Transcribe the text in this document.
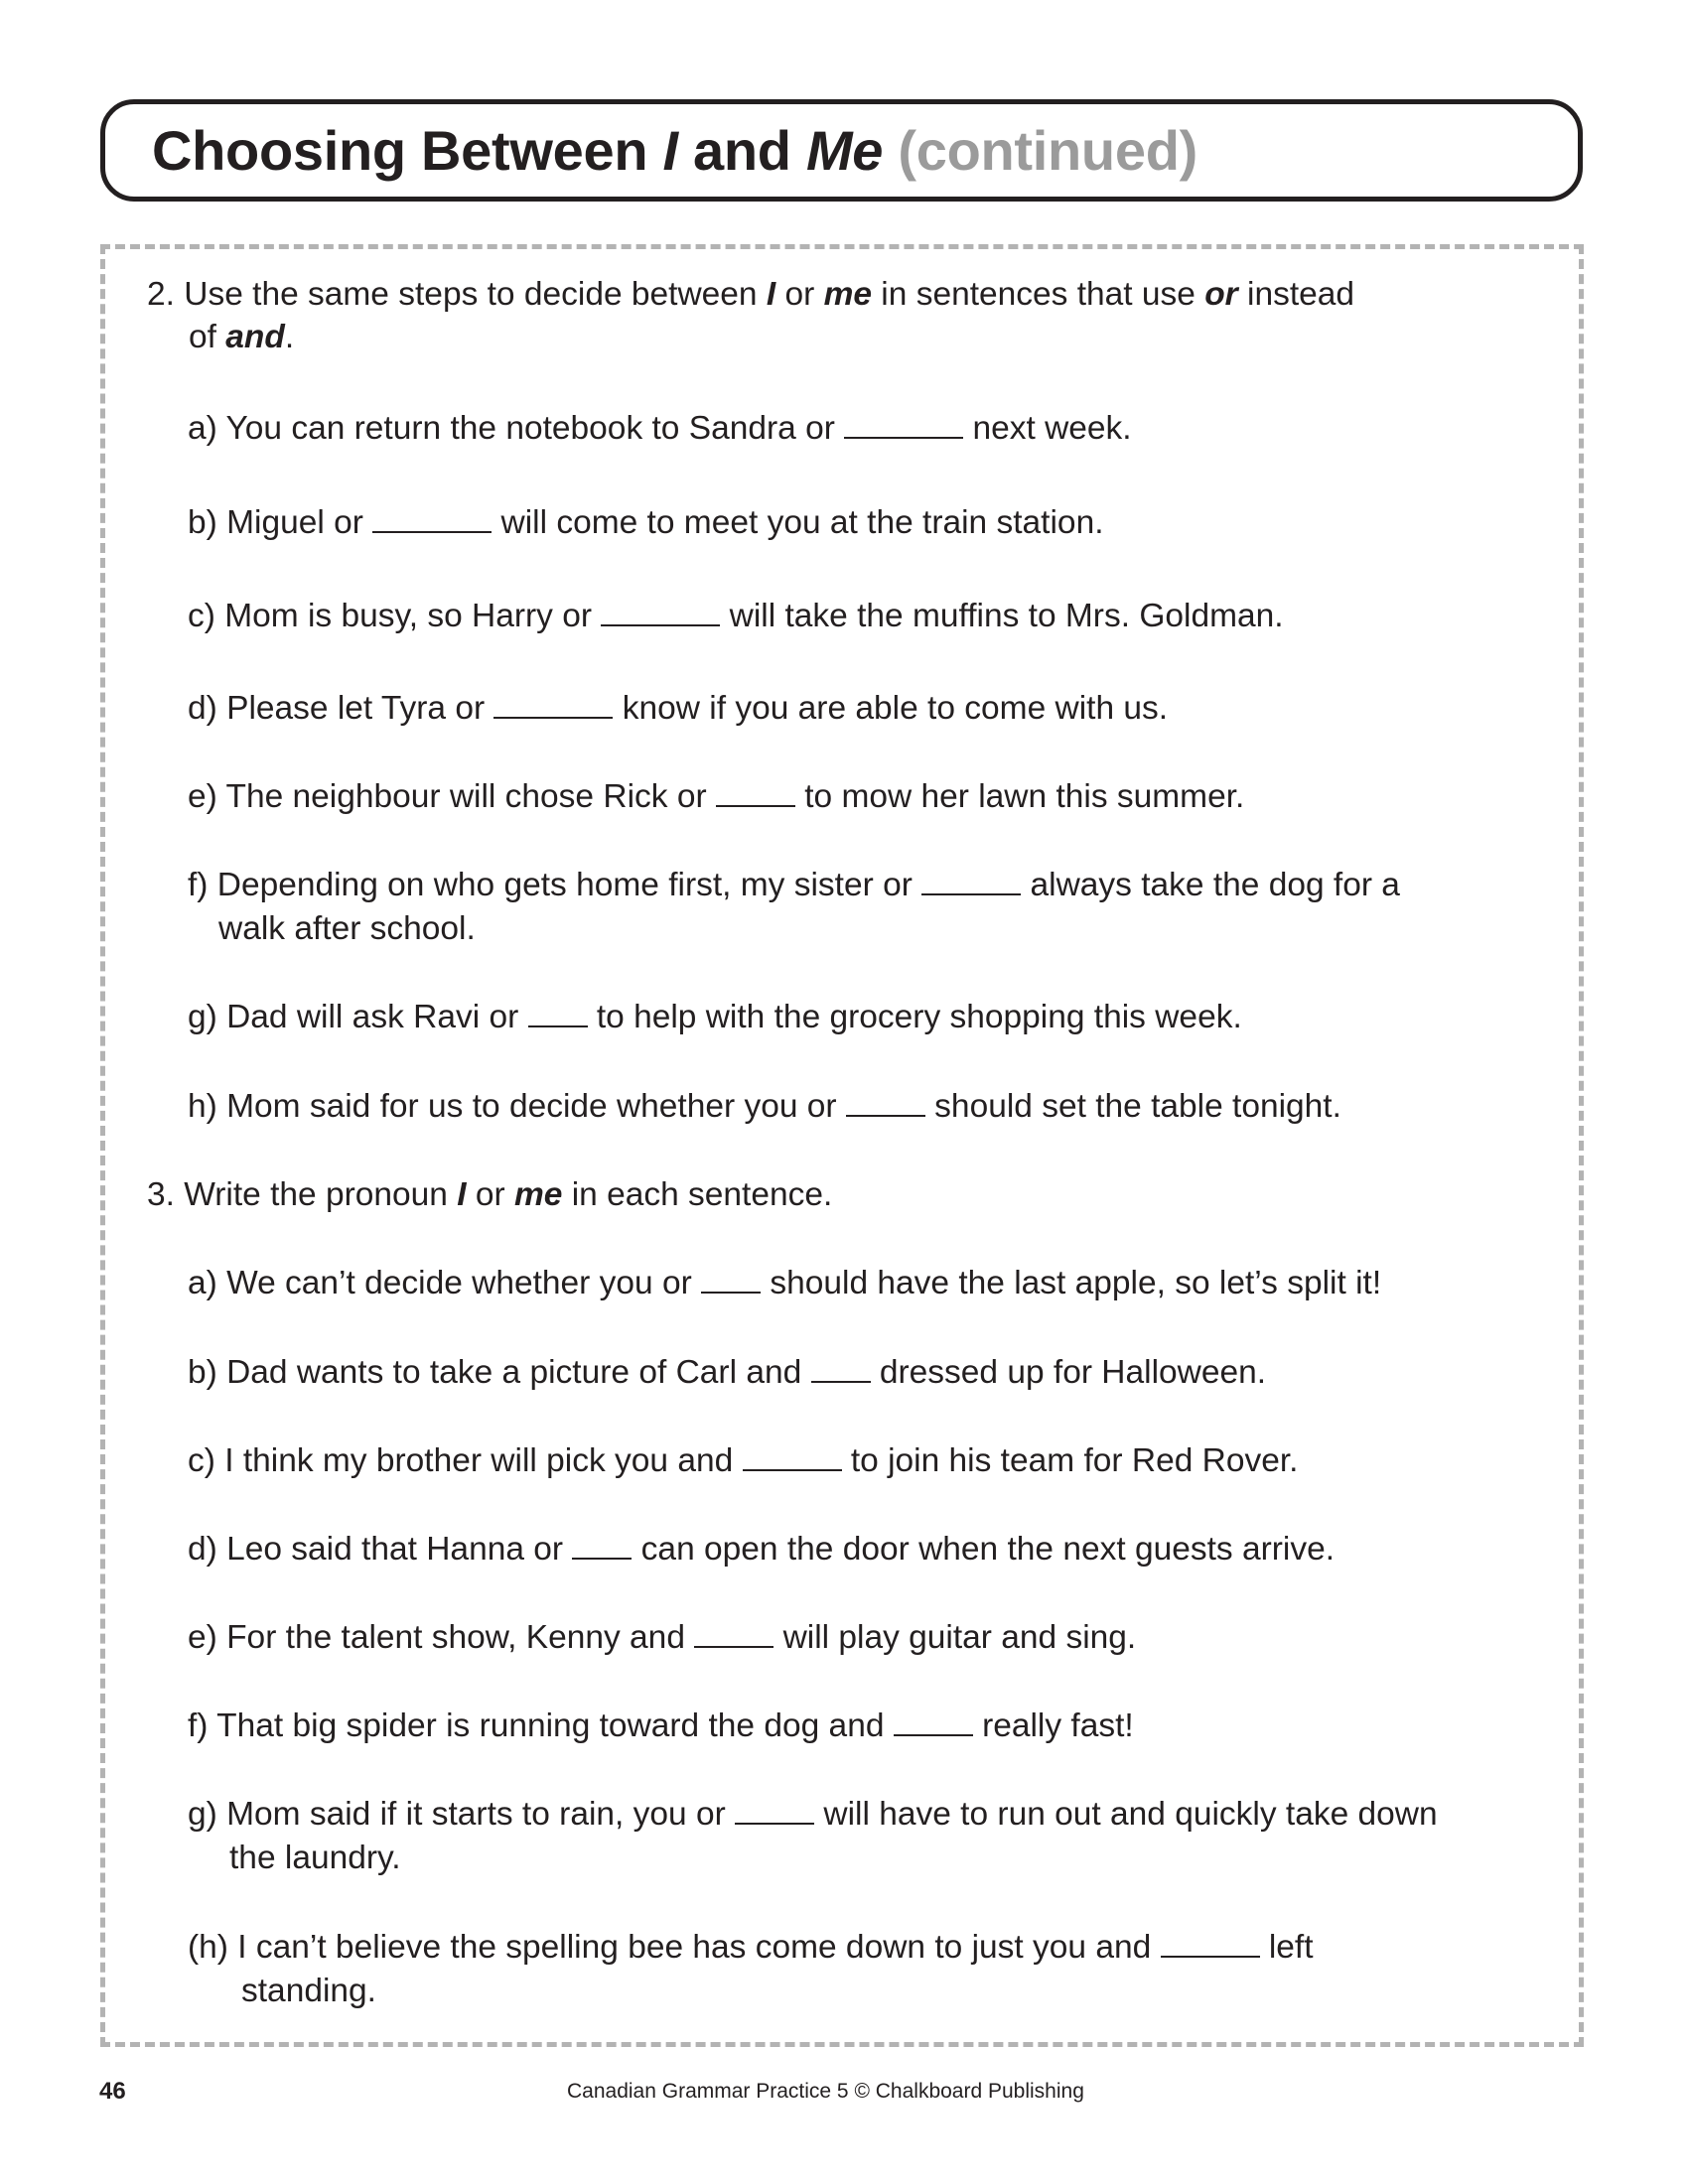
Choosing Between I and Me (continued)
2. Use the same steps to decide between I or me in sentences that use or instead
of and.
a) You can return the notebook to Sandra or	next week.
b) Miguel or	will come to meet you at the train station.
c) Mom is busy, so Harry or	will take the muffins to Mrs. Goldman.
d) Please let Tyra or	know if you are able to come with us.
e) The neighbour will chose Rick or  to mow her lawn this summer.
f) Depending on who gets home first, my sister or	always take the dog for a
walk after school.
g) Dad will ask Ravi or  to help with the grocery shopping this week.
h) Mom said for us to decide whether you or  should set the table tonight.
3. Write the pronoun I or me in each sentence.
a) We can’t decide whether you or  should have the last apple, so let’s split it!
b) Dad wants to take a picture of Carl and  dressed up for Halloween.
c) I think my brother will pick you and	to join his team for Red Rover.
d) Leo said that Hanna or  can open the door when the next guests arrive.
e) For the talent show, Kenny and  will play guitar and sing.
f) That big spider is running toward the dog and  really fast!
g) Mom said if it starts to rain, you or  will have to run out and quickly take down
the laundry.
(h) I can’t believe the spelling bee has come down to just you and	left
standing.
46	Canadian Grammar Practice 5 © Chalkboard Publishing
